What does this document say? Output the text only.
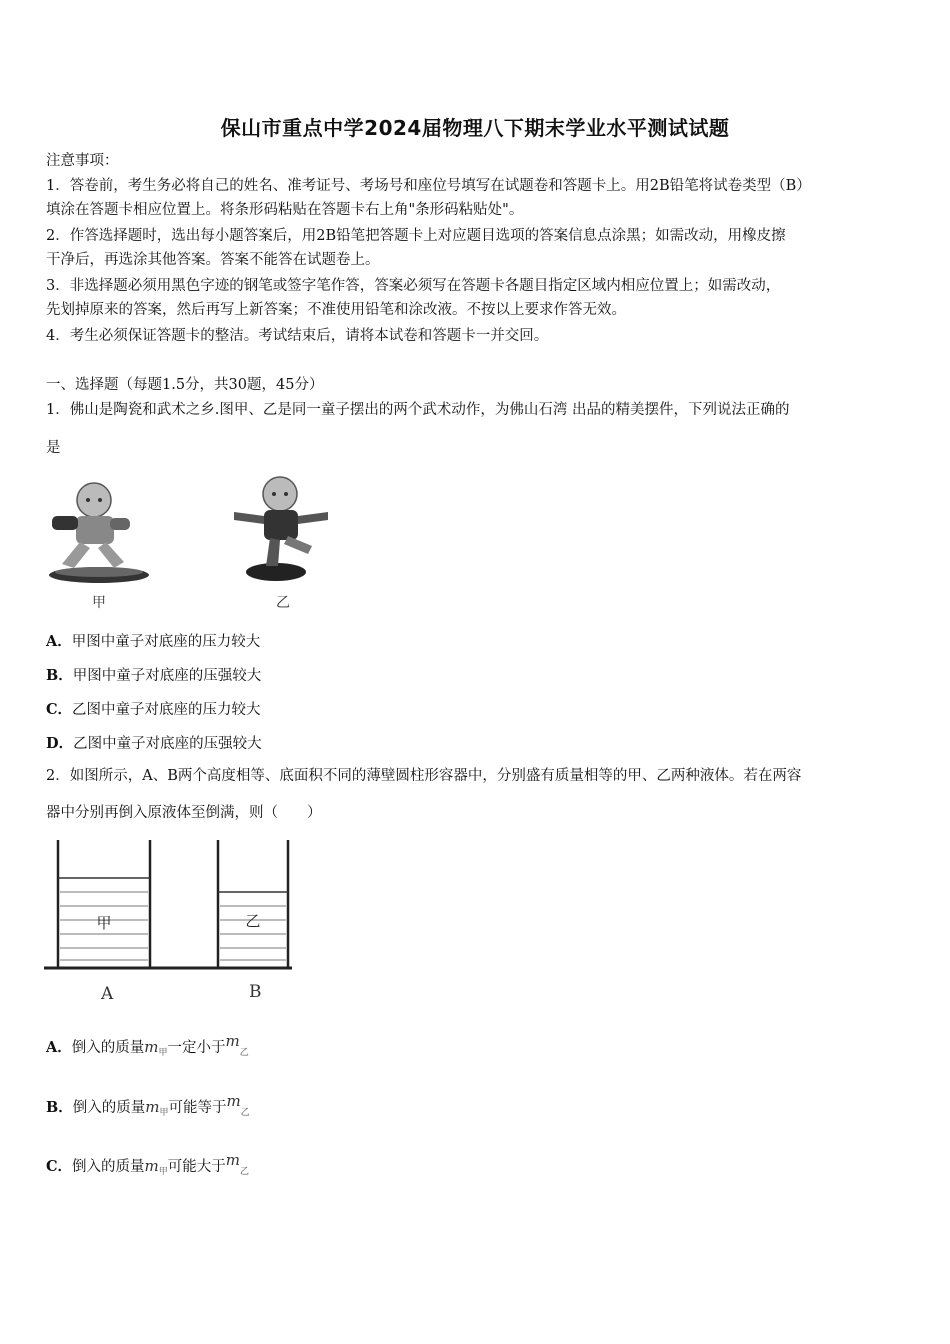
保山市重点中学2024届物理八下期末学业水平测试试题
注意事项：
1．答卷前，考生务必将自己的姓名、准考证号、考场号和座位号填写在试题卷和答题卡上。用2B铅笔将试卷类型（B）
填涂在答题卡相应位置上。将条形码粘贴在答题卡右上角"条形码粘贴处"。
2．作答选择题时，选出每小题答案后，用2B铅笔把答题卡上对应题目选项的答案信息点涂黑；如需改动，用橡皮擦
干净后，再选涂其他答案。答案不能答在试题卷上。
3．非选择题必须用黑色字迹的钢笔或签字笔作答，答案必须写在答题卡各题目指定区域内相应位置上；如需改动，
先划掉原来的答案，然后再写上新答案；不准使用铅笔和涂改液。不按以上要求作答无效。
4．考生必须保证答题卡的整洁。考试结束后，请将本试卷和答题卡一并交回。
一、选择题（每题1.5分，共30题，45分）
1．佛山是陶瓷和武术之乡.图甲、乙是同一童子摆出的两个武术动作，为佛山石湾 出品的精美摆件，下列说法正确的
是
甲	乙
A．甲图中童子对底座的压力较大
B．甲图中童子对底座的压强较大
C．乙图中童子对底座的压力较大
D．乙图中童子对底座的压强较大
2．如图所示，A、B两个高度相等、底面积不同的薄壁圆柱形容器中，分别盛有质量相等的甲、乙两种液体。若在两容
器中分别再倒入原液体至倒满，则（　　）
甲	乙
A	B
A．倒入的质量$m_甲$一定小于$m_乙$
B．倒入的质量$m_甲$可能等于$m_乙$
C．倒入的质量$m_甲$可能大于$m_乙$
